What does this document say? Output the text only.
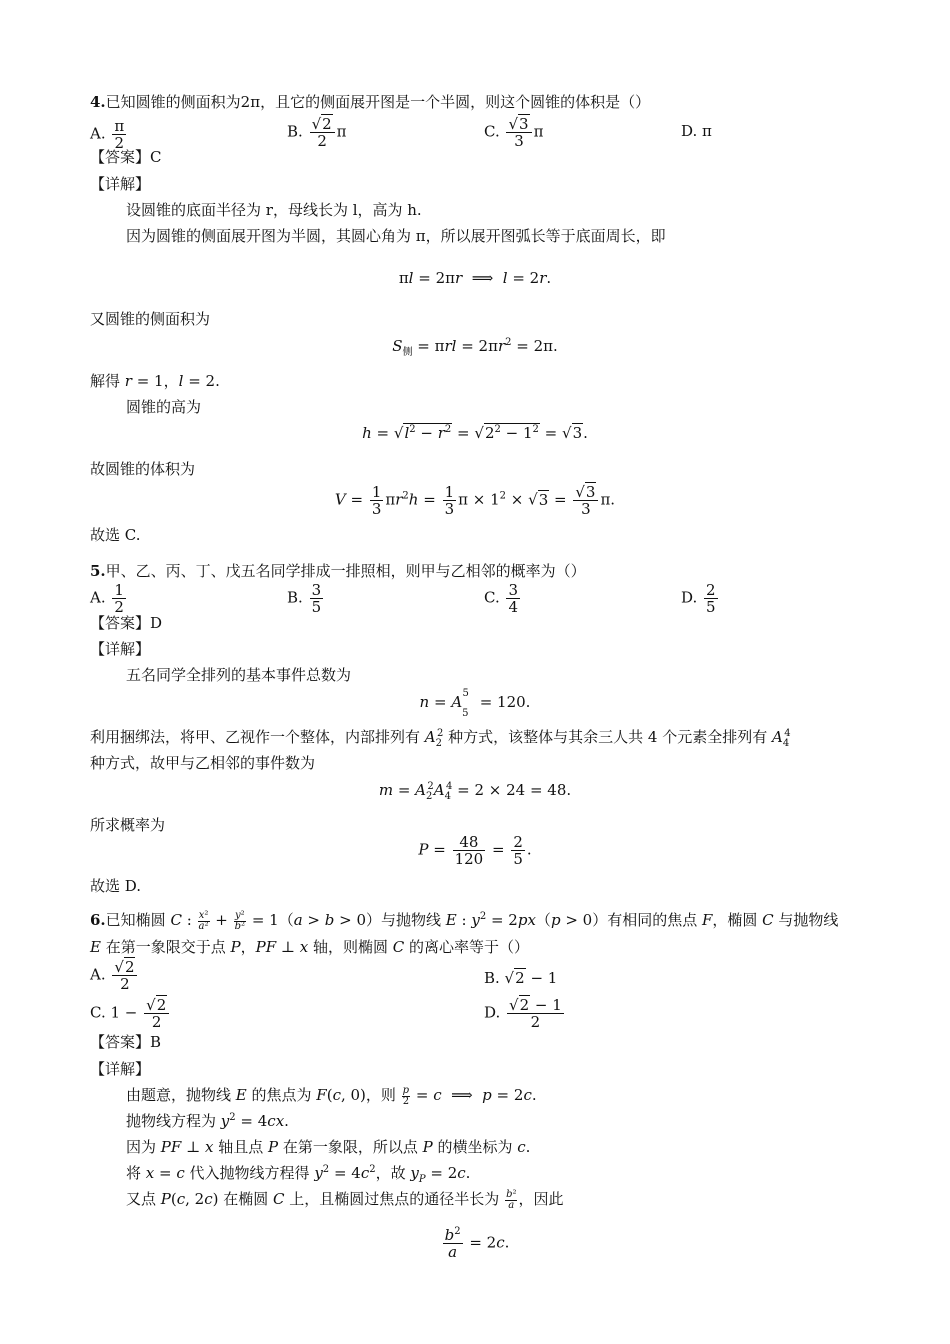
4.已知圆锥的侧面积为2π，且它的侧面展开图是一个半圆，则这个圆锥的体积是（）
A. $\frac{\pi}{2}$	B. $\frac{√2}{2}$ π	C. $\frac{√3}{3}$ π	D. π
【答案】C
【详解】
设圆锥的底面半径为 r，母线长为 l，高为 h.
因为圆锥的侧面展开图为半圆，其圆心角为 π，所以展开图弧长等于底面周长，即
πl = 2πr  ⟹  l = 2r.
又圆锥的侧面积为
$S_侧 = \pi rl = 2\pi r^2 = 2\pi$.
解得 r = 1，l = 2.
圆锥的高为
$h = √l^2 - r^2 = √2^2 - 1^2 = √3$.
故圆锥的体积为
$V = \frac{1}{3} \pi r^2h = \frac{1}{3}$ $\pi \times 1^2 \times √3 = \frac{√3}{3} \pi$.
故选 C.
5.甲、乙、丙、丁、戊五名同学排成一排照相，则甲与乙相邻的概率为（）
A. $\frac{1}{2}$	B. $\frac{3}{5}$	C. $\frac{3}{4}$	D. $\frac{2}{5}$
【答案】D
【详解】
五名同学全排列的基本事件总数为
$n = A_5^5 = 120$.
利用捆绑法，将甲、乙视作一个整体，内部排列有 $A_2^2$ 种方式，该整体与其余三人共 4 个元素全排列有 $A_4^4$
种方式，故甲与乙相邻的事件数为
$m = A_2^2A_4^4 = 2 \times 24 = 48$.
所求概率为
$P = \frac{48}{120} = \frac{2}{5}$ .
故选 D.
6.已知椭圆 C : $\frac{\text{x²}}{\text{a²}} + \frac{\text{y²}}{\text{b²}} = 1(a > b > 0)$与抛物线 E : $y^2 = 2px(p > 0)$有相同的焦点 F，椭圆 C 与抛物线
E 在第一象限交于点 P，PF ⊥ x 轴，则椭圆 C 的离心率等于（）
A. $\frac{√2}{2}$	B. √2 − 1
C. $1 - \frac{√2}{2}$	D. $\frac{√2 - 1}{2}$
【答案】B
【详解】
由题意，抛物线 E 的焦点为 F(c, 0)，则 $\frac{p}{2} = c$  ⟹  p = 2c.
抛物线方程为 $y^2 = 4cx$.
因为 PF ⊥ x 轴且点 P 在第一象限，所以点 P 的横坐标为 c.
将 x = c 代入抛物线方程得 $y^2 = 4c^2$，故 $y_P = 2c$.
又点 P(c, 2c) 在椭圆 C 上，且椭圆过焦点的通径半长为 $\frac{\text{b²}}{a}$ ，因此
$\frac{b^2}{a} = 2c$.
